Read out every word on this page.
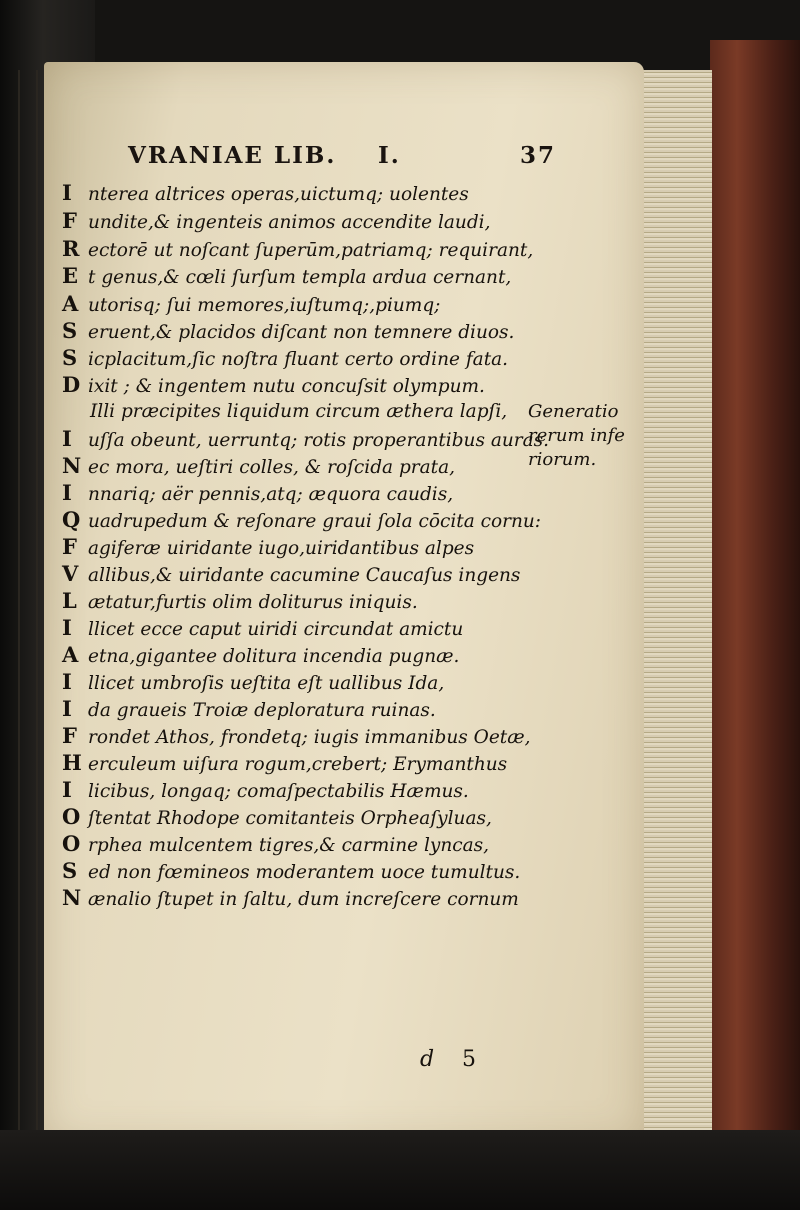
VRANIAE LIB. I.	37
I nterea altrices operas,uictumq; uolentes
F undite,& ingenteis animos accendite laudi,
R ectorē ut noſcant ſuperūm,patriamq; requirant,
E t genus,& cœli ſurſum templa ardua cernant,
A utorisq; ſui memores,iuſtumq;,piumq;
S eruent,& placidos diſcant non temnere diuos.
S icplacitum,ſic noſtra fluant certo ordine fata.
D ixit ; & ingentem nutu concuſsit olympum.
Illi præcipites liquidum circum æthera lapſi,
I uſſa obeunt, uerruntq; rotis properantibus auras.
N ec mora, ueſtiri colles, & roſcida prata,
I nnariq; aër pennis,atq; æquora caudis,
Q uadrupedum & reſonare graui ſola cōcita cornu:
F agiferæ uiridante iugo,uiridantibus alpes
V allibus,& uiridante cacumine Caucaſus ingens
L ætatur,furtis olim doliturus iniquis.
I llicet ecce caput uiridi circundat amictu
A etna,gigantee dolitura incendia pugnæ.
I llicet umbroſis ueſtita eſt uallibus Ida,
I da graueis Troiæ deploratura ruinas.
F rondet Athos, frondetq; iugis immanibus Oetæ,
H erculeum uiſura rogum,crebert; Erymanthus
I licibus, longaq; comaſpectabilis Hæmus.
O ſtentat Rhodope comitanteis Orpheaſyluas,
O rphea mulcentem tigres,& carmine lyncas,
S ed non fœmineos moderantem uoce tumultus.
N ænalio ſtupet in ſaltu, dum increſcere cornum
Generatio
rerum infe
riorum.
d 5
